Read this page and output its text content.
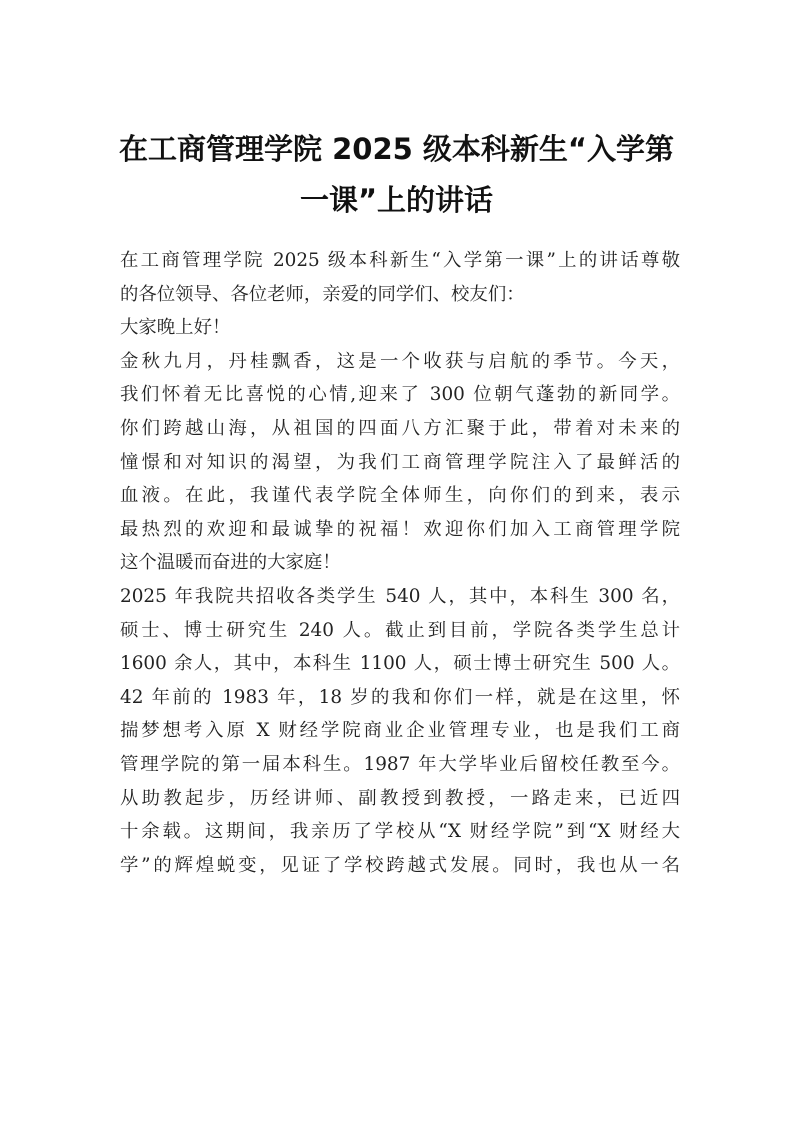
在工商管理学院 2025 级本科新生“入学第
一课”上的讲话
在工商管理学院 2025 级本科新生“入学第一课”上的讲话尊敬
的各位领导、各位老师，亲爱的同学们、校友们：
大家晚上好！
金秋九月，丹桂飘香，这是一个收获与启航的季节。今天，
我们怀着无比喜悦的心情,迎来了 300 位朝气蓬勃的新同学。
你们跨越山海，从祖国的四面八方汇聚于此，带着对未来的
憧憬和对知识的渴望，为我们工商管理学院注入了最鲜活的
血液。在此，我谨代表学院全体师生，向你们的到来，表示
最热烈的欢迎和最诚挚的祝福！欢迎你们加入工商管理学院
这个温暖而奋进的大家庭！
2025 年我院共招收各类学生 540 人，其中，本科生 300 名，
硕士、博士研究生 240 人。截止到目前，学院各类学生总计
1600 余人，其中，本科生 1100 人，硕士博士研究生 500 人。
42 年前的 1983 年，18 岁的我和你们一样，就是在这里，怀
揣梦想考入原 X 财经学院商业企业管理专业，也是我们工商
管理学院的第一届本科生。1987 年大学毕业后留校任教至今。
从助教起步，历经讲师、副教授到教授，一路走来，已近四
十余载。这期间，我亲历了学校从“X 财经学院”到“X 财经大
学”的辉煌蜕变，见证了学校跨越式发展。同时，我也从一名
